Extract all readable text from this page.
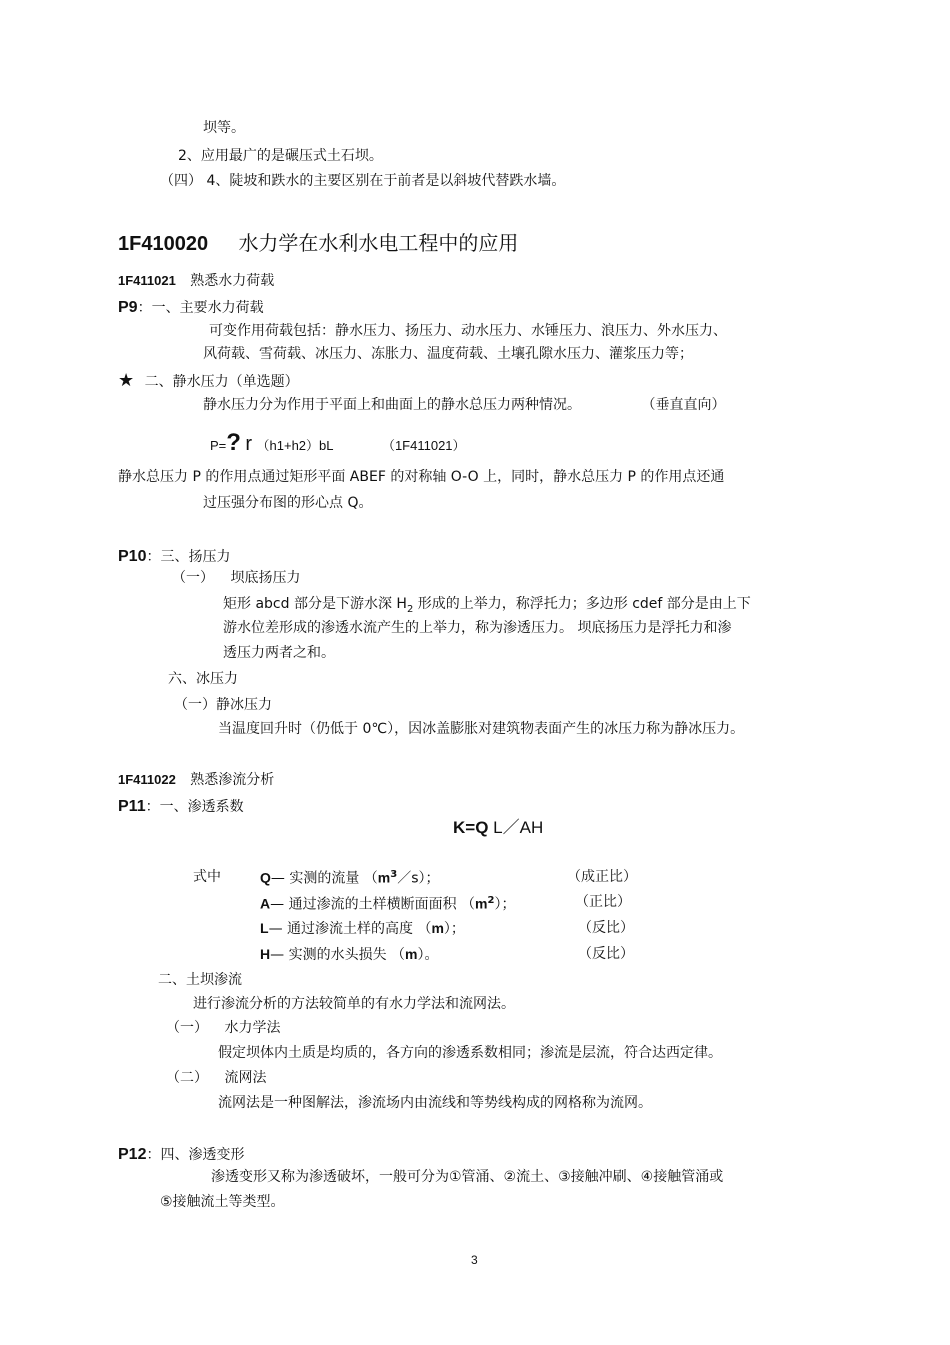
坝等。
2、应用最广的是碾压式土石坝。
（四） 4、陡坡和跌水的主要区别在于前者是以斜坡代替跌水墙。
1F410020 水力学在水利水电工程中的应用
1F411021 熟悉水力荷载
P9：一、主要水力荷载
可变作用荷载包括：静水压力、扬压力、动水压力、水锤压力、浪压力、外水压力、
风荷载、雪荷载、冰压力、冻胀力、温度荷载、土壤孔隙水压力、灌浆压力等；
★ 二、静水压力（单选题）
静水压力分为作用于平面上和曲面上的静水总压力两种情况。	（垂直直向）
P=? r （h1+h2）bL	（1F411021）
静水总压力 P 的作用点通过矩形平面 ABEF 的对称轴 O-O 上，同时，静水总压力 P 的作用点还通
过压强分布图的形心点 Q。
P10：三、扬压力
（一） 坝底扬压力
矩形 abcd 部分是下游水深 $H_2$ 形成的上举力，称浮托力；多边形 cdef 部分是由上下
游水位差形成的渗透水流产生的上举力，称为渗透压力。 坝底扬压力是浮托力和渗
透压力两者之和。
六、冰压力
（一）静冰压力
当温度回升时（仍低于 0℃），因冰盖膨胀对建筑物表面产生的冰压力称为静冰压力。
1F411022 熟悉渗流分析
P11：一、渗透系数
K=Q L／AH
式中	Q— 实测的流量 $(m^3/s)$；	（成正比）
A— 通过渗流的土样横断面面积 $(m^2)$；	（正比）
L— 通过渗流土样的高度 （m）；	（反比）
H— 实测的水头损失 （m）。	（反比）
二、土坝渗流
进行渗流分析的方法较简单的有水力学法和流网法。
（一） 水力学法
假定坝体内土质是均质的，各方向的渗透系数相同；渗流是层流，符合达西定律。
（二） 流网法
流网法是一种图解法，渗流场内由流线和等势线构成的网格称为流网。
P12：四、渗透变形
渗透变形又称为渗透破坏，一般可分为①管涌、②流土、③接触冲刷、④接触管涌或
⑤接触流土等类型。
3
